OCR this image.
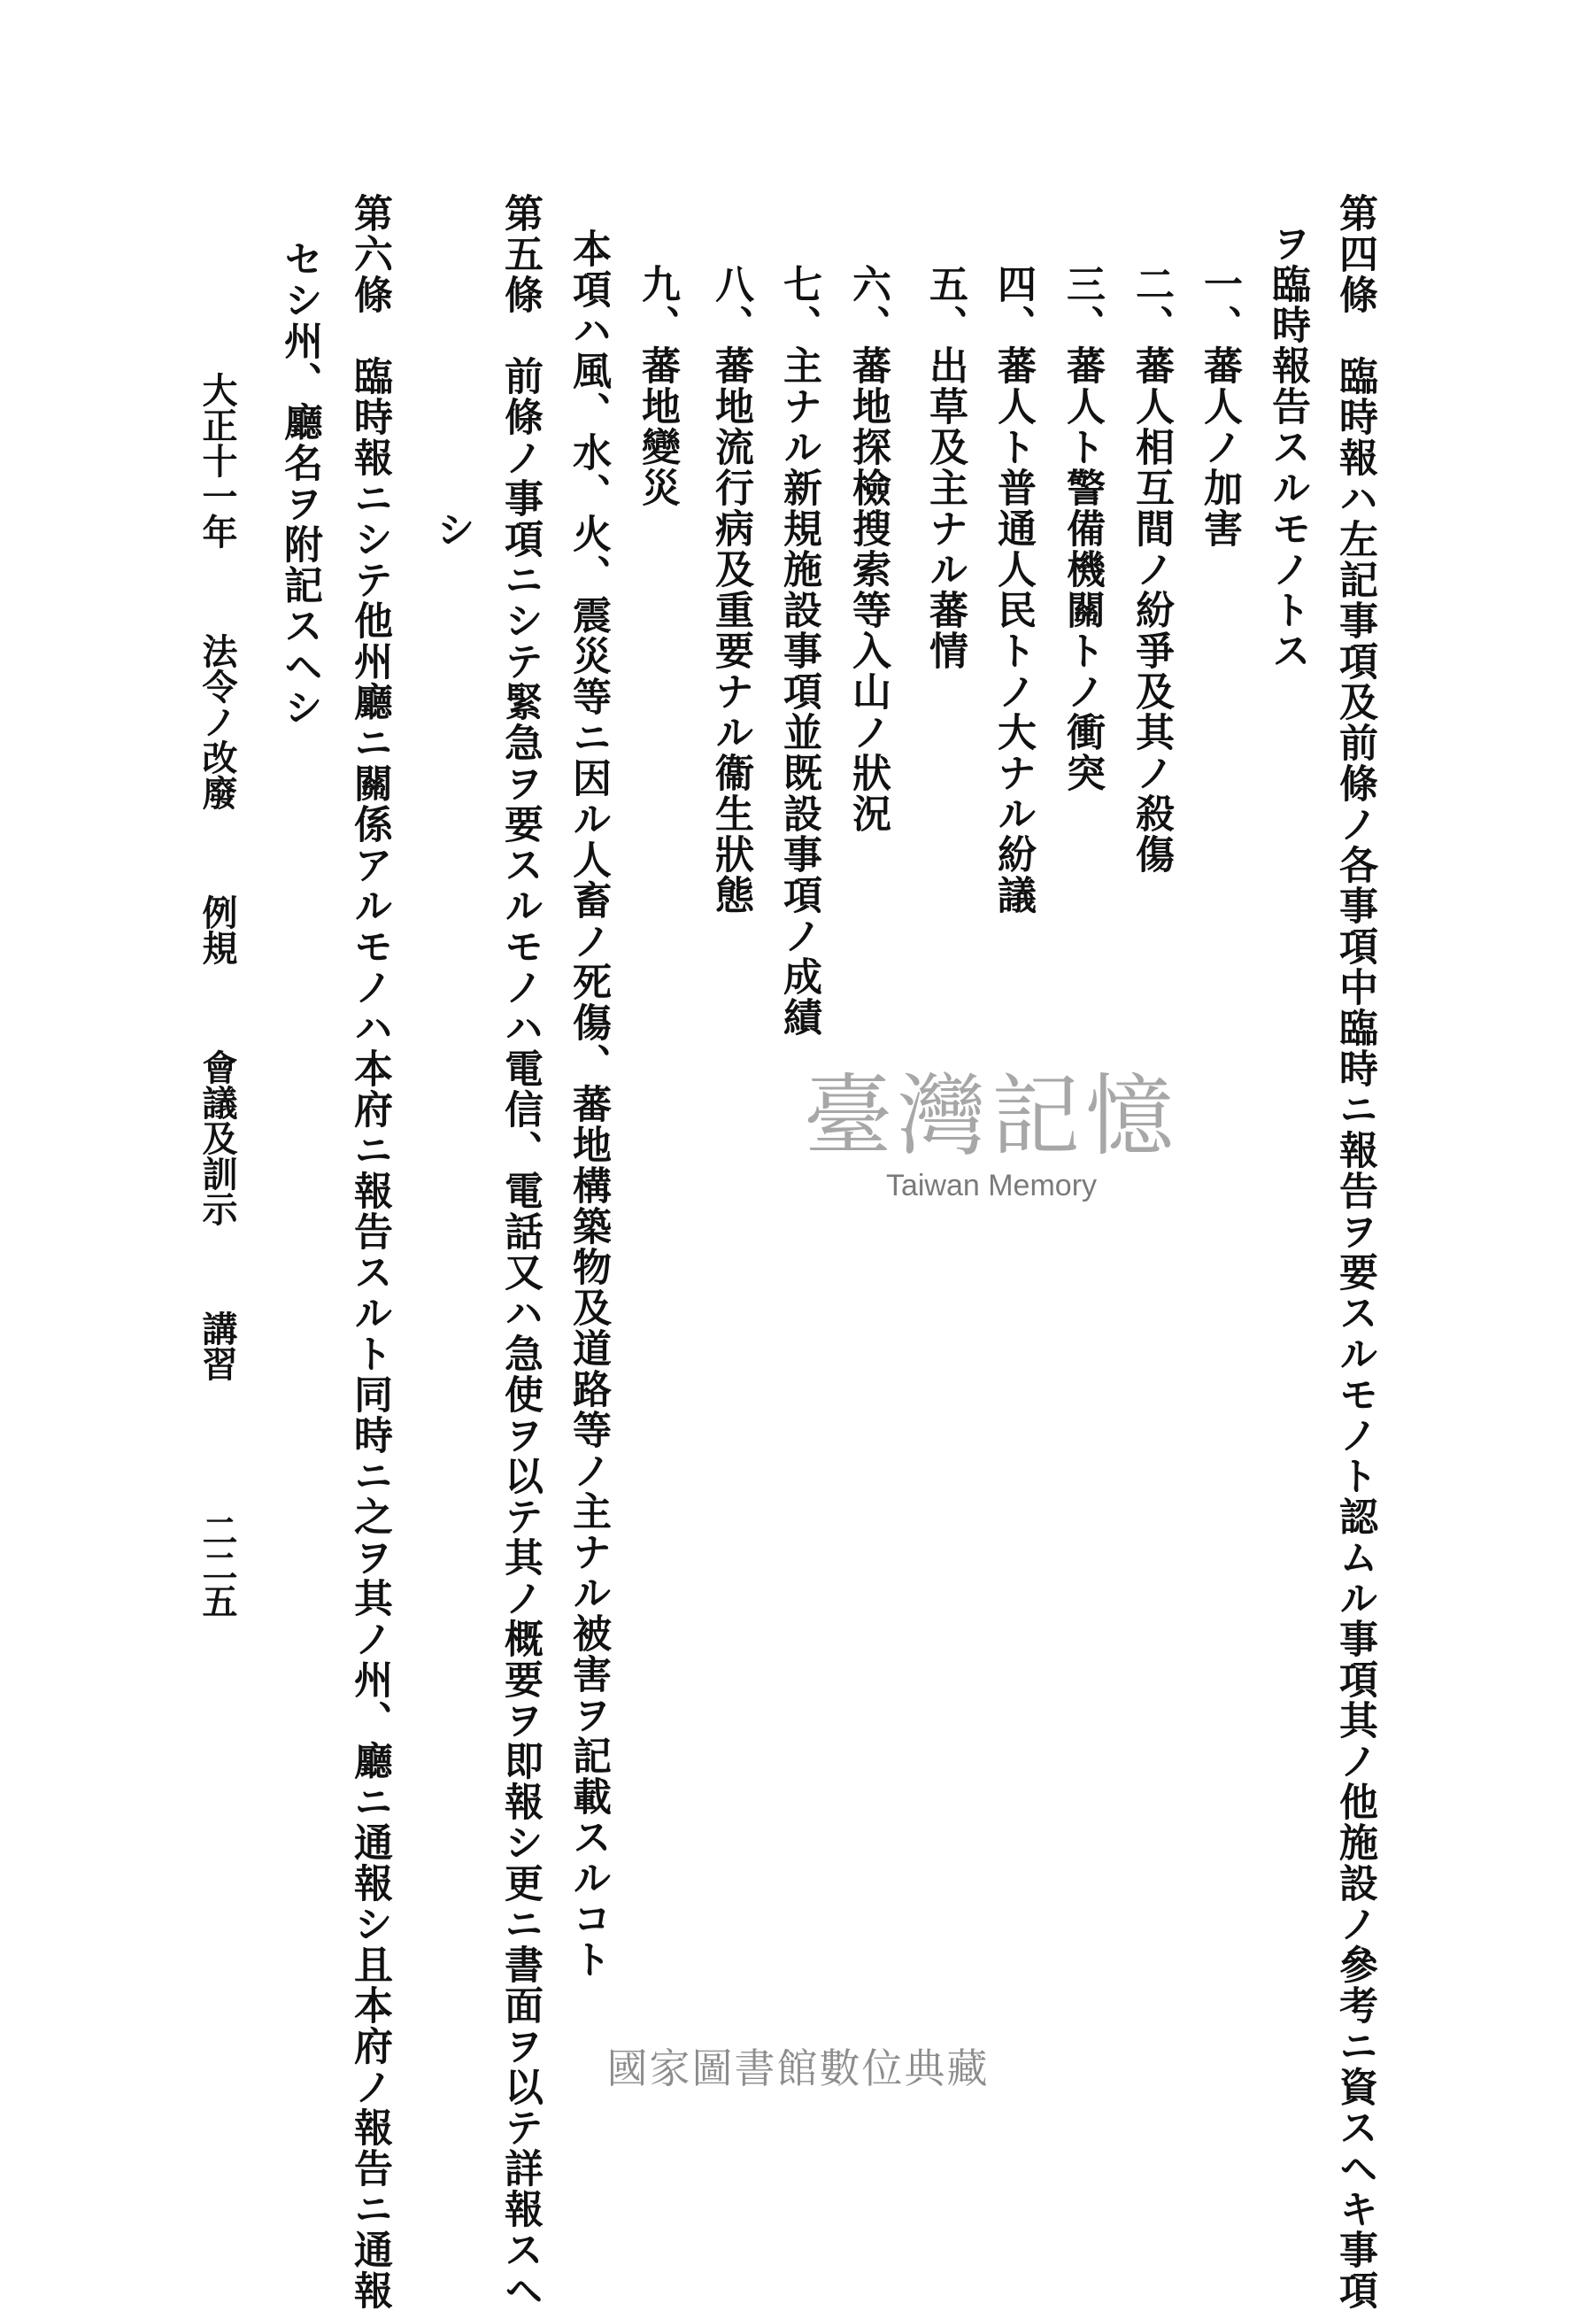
第四條　臨時報ハ左記事項及前條ノ各事項中臨時ニ報告ヲ要スルモノト認ムル事項其ノ他施設ノ參考ニ資スヘキ事項
ヲ臨時報告スルモノトス
一、蕃人ノ加害
二、蕃人相互間ノ紛爭及其ノ殺傷
三、蕃人ト警備機關トノ衝突
四、蕃人ト普通人民トノ大ナル紛議
五、出草及主ナル蕃情
六、蕃地探檢搜索等入山ノ狀況
七、主ナル新規施設事項並既設事項ノ成績
八、蕃地流行病及重要ナル衞生狀態
九、蕃地變災
本項ハ風、水、火、震災等ニ因ル人畜ノ死傷、蕃地構築物及道路等ノ主ナル被害ヲ記載スルコト
第五條　前條ノ事項ニシテ緊急ヲ要スルモノハ電信、電話又ハ急使ヲ以テ其ノ概要ヲ即報シ更ニ書面ヲ以テ詳報スヘ
シ
第六條　臨時報ニシテ他州廳ニ關係アルモノハ本府ニ報告スルト同時ニ之ヲ其ノ州、廳ニ通報シ且本府ノ報告ニ通報
セシ州、廳名ヲ附記スヘシ
大正十一年 法令ノ改廢 例規 會議及訓示 講習
二二五
臺灣記憶
Taiwan Memory
國家圖書館數位典藏
